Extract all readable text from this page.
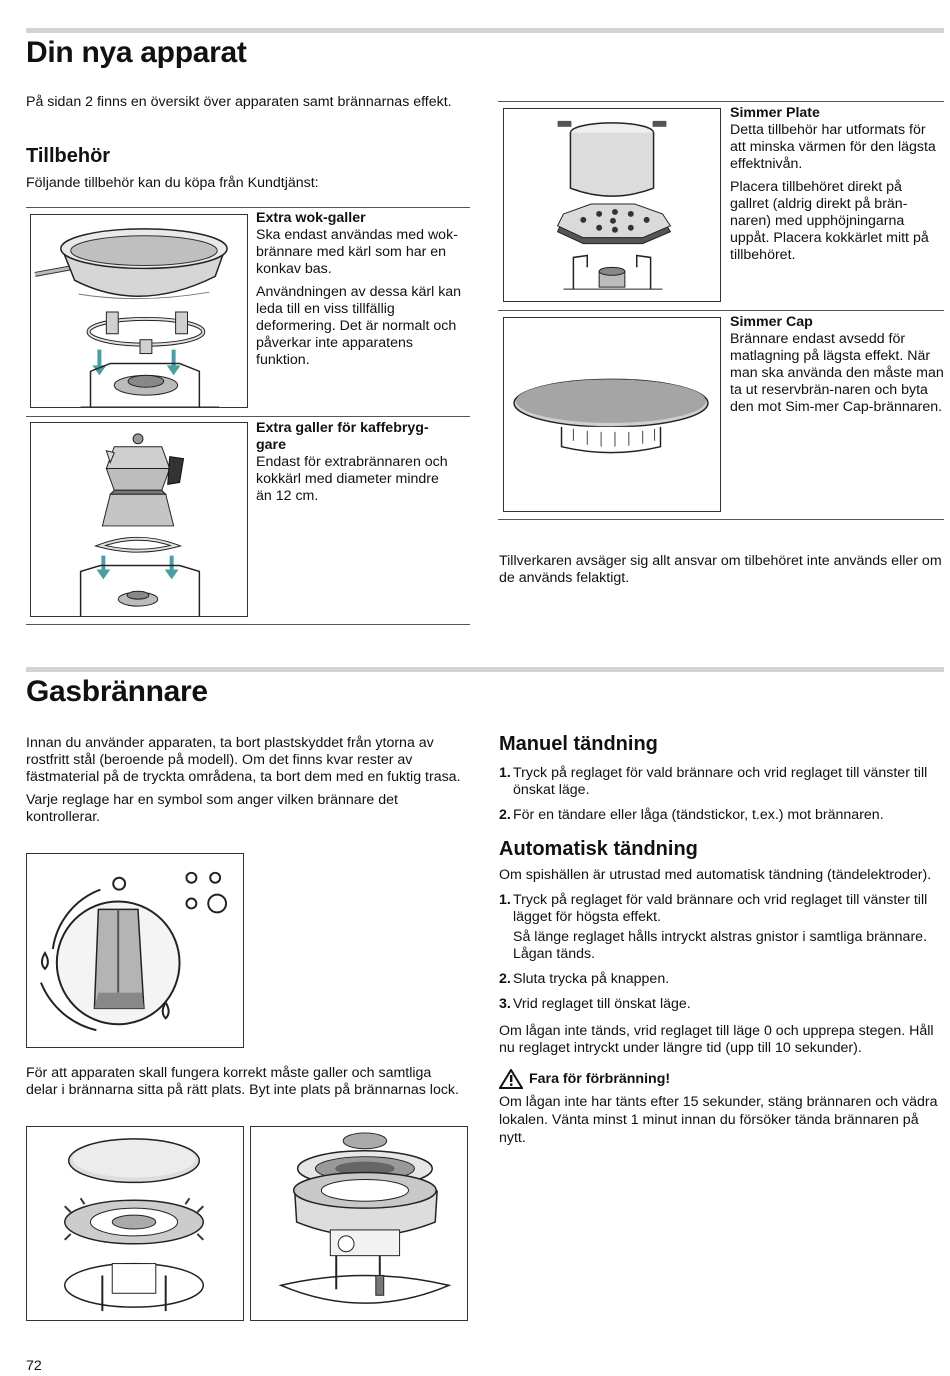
Din nya apparat

På sidan 2 finns en översikt över apparaten samt brännarnas effekt.

Tillbehör

Följande tillbehör kan du köpa från Kundtjänst:

Extra wok-galler

Ska endast användas med wok-brännare med kärl som har en konkav bas.

Användningen av dessa kärl kan leda till en viss tillfällig deformering. Det är normalt och påverkar inte apparatens funktion.

Extra galler för kaffebryg-gare

Endast för extrabrännaren och kokkärl med diameter mindre än 12 cm.

Simmer Plate

Detta tillbehör har utformats för att minska värmen för den lägsta effektnivån.

Placera tillbehöret direkt på gallret (aldrig direkt på brän-naren) med upphöjningarna uppåt. Placera kokkärlet mitt på tillbehöret.

Simmer Cap

Brännare endast avsedd för matlagning på lägsta effekt. När man ska använda den måste man ta ut reservbrän-naren och byta den mot Sim-mer Cap-brännaren.

Tillverkaren avsäger sig allt ansvar om tilbehöret inte används eller om de används felaktigt.

Gasbrännare

Innan du använder apparaten, ta bort plastskyddet från ytorna av rostfritt stål (beroende på modell). Om det finns kvar rester av fästmaterial på de tryckta områdena, ta bort dem med en fuktig trasa.

Varje reglage har en symbol som anger vilken brännare det kontrollerar.

För att apparaten skall fungera korrekt måste galler och samtliga delar i brännarna sitta på rätt plats. Byt inte plats på brännarnas lock.

Manuel tändning
1. Tryck på reglaget för vald brännare och vrid reglaget till vänster till önskat läge.
2. För en tändare eller låga (tändstickor, t.ex.) mot brännaren.
Automatisk tändning

Om spishällen är utrustad med automatisk tändning (tändelektroder).

1. Tryck på reglaget för vald brännare och vrid reglaget till vänster till lägget för högsta effekt.
Så länge reglaget hålls intryckt alstras gnistor i samtliga brännare. Lågan tänds.
2. Sluta trycka på knappen.
3. Vrid reglaget till önskat läge.

Om lågan inte tänds, vrid reglaget till läge 0 och upprepa stegen. Håll nu reglaget intryckt under längre tid (upp till 10 sekunder).

Fara för förbränning!

Om lågan inte har tänts efter 15 sekunder, stäng brännaren och vädra lokalen. Vänta minst 1 minut innan du försöker tända brännaren på nytt.

72
